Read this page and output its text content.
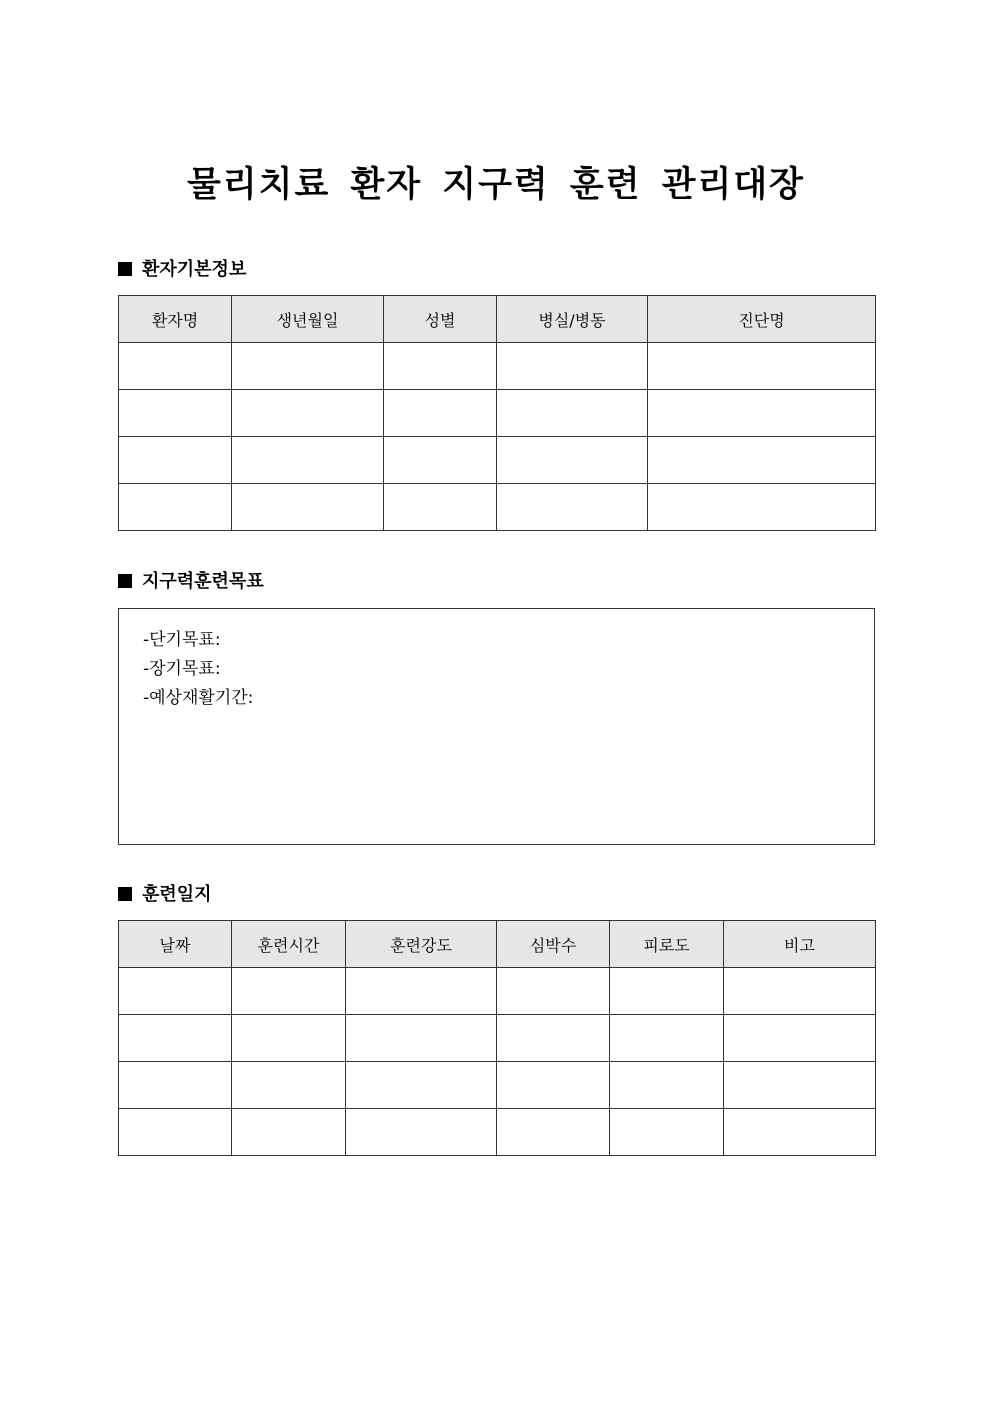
물리치료 환자 지구력 훈련 관리대장
환자기본정보
환자명	생년월일	성별	병실/병동	진단명

지구력훈련목표
-단기목표:
-장기목표:
-예상재활기간:
훈련일지
날짜	훈련시간	훈련강도	심박수	피로도	비고
